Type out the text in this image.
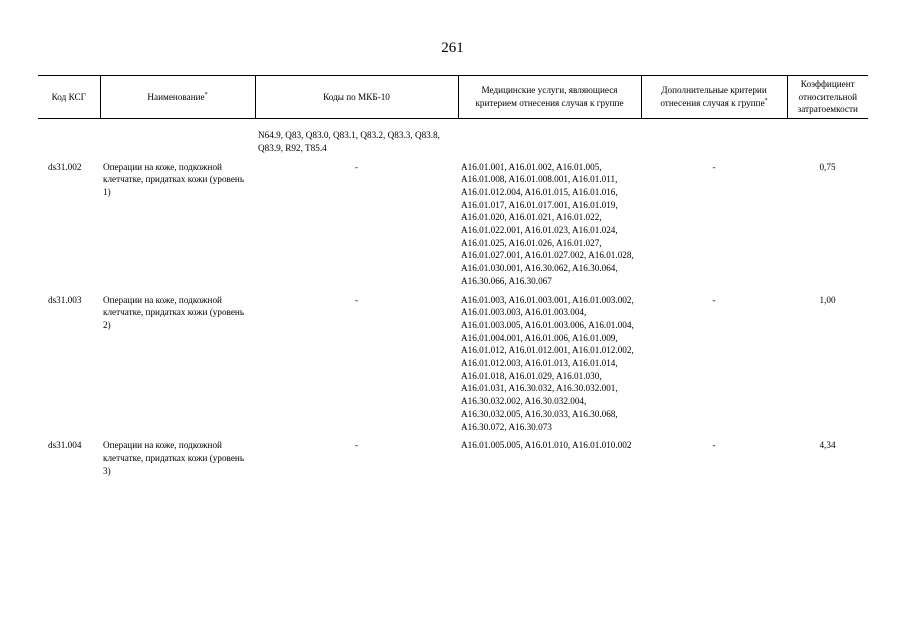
261
Код КСГ	Наименование*	Коды по МКБ-10	Медицинские услуги, являющиеся критерием отнесения случая к группе	Дополнительные критерии отнесения случая к группе*	Коэффициент относительной затратоемкости
		N64.9, Q83, Q83.0, Q83.1, Q83.2, Q83.3, Q83.8, Q83.9, R92, T85.4			
ds31.002	Операции на коже, подкожной клетчатке, придатках кожи (уровень 1)	-	A16.01.001, A16.01.002, A16.01.005, A16.01.008, A16.01.008.001, A16.01.011, A16.01.012.004, A16.01.015, A16.01.016, A16.01.017, A16.01.017.001, A16.01.019, A16.01.020, A16.01.021, A16.01.022, A16.01.022.001, A16.01.023, A16.01.024, A16.01.025, A16.01.026, A16.01.027, A16.01.027.001, A16.01.027.002, A16.01.028, A16.01.030.001, A16.30.062, A16.30.064, A16.30.066, A16.30.067	-	0,75
ds31.003	Операции на коже, подкожной клетчатке, придатках кожи (уровень 2)	-	A16.01.003, A16.01.003.001, A16.01.003.002, A16.01.003.003, A16.01.003.004, A16.01.003.005, A16.01.003.006, A16.01.004, A16.01.004.001, A16.01.006, A16.01.009, A16.01.012, A16.01.012.001, A16.01.012.002, A16.01.012.003, A16.01.013, A16.01.014, A16.01.018, A16.01.029, A16.01.030, A16.01.031, A16.30.032, A16.30.032.001, A16.30.032.002, A16.30.032.004, A16.30.032.005, A16.30.033, A16.30.068, A16.30.072, A16.30.073	-	1,00
ds31.004	Операции на коже, подкожной клетчатке, придатках кожи (уровень 3)	-	A16.01.005.005, A16.01.010, A16.01.010.002	-	4,34
